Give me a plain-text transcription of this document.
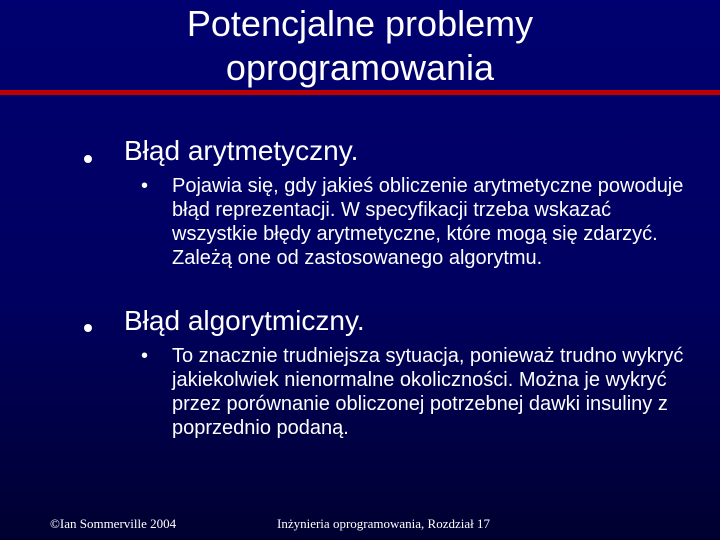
Potencjalne problemy
oprogramowania
Błąd arytmetyczny.
• Pojawia się, gdy jakieś obliczenie arytmetyczne powoduje błąd reprezentacji. W specyfikacji trzeba wskazać wszystkie błędy arytmetyczne, które mogą się zdarzyć. Zależą one od zastosowanego algorytmu.
Błąd algorytmiczny.
• To znacznie trudniejsza sytuacja, ponieważ trudno wykryć jakiekolwiek nienormalne okoliczności. Można je wykryć przez porównanie obliczonej potrzebnej dawki insuliny z poprzednio podaną.
©Ian Sommerville 2004	Inżynieria oprogramowania, Rozdział 17
